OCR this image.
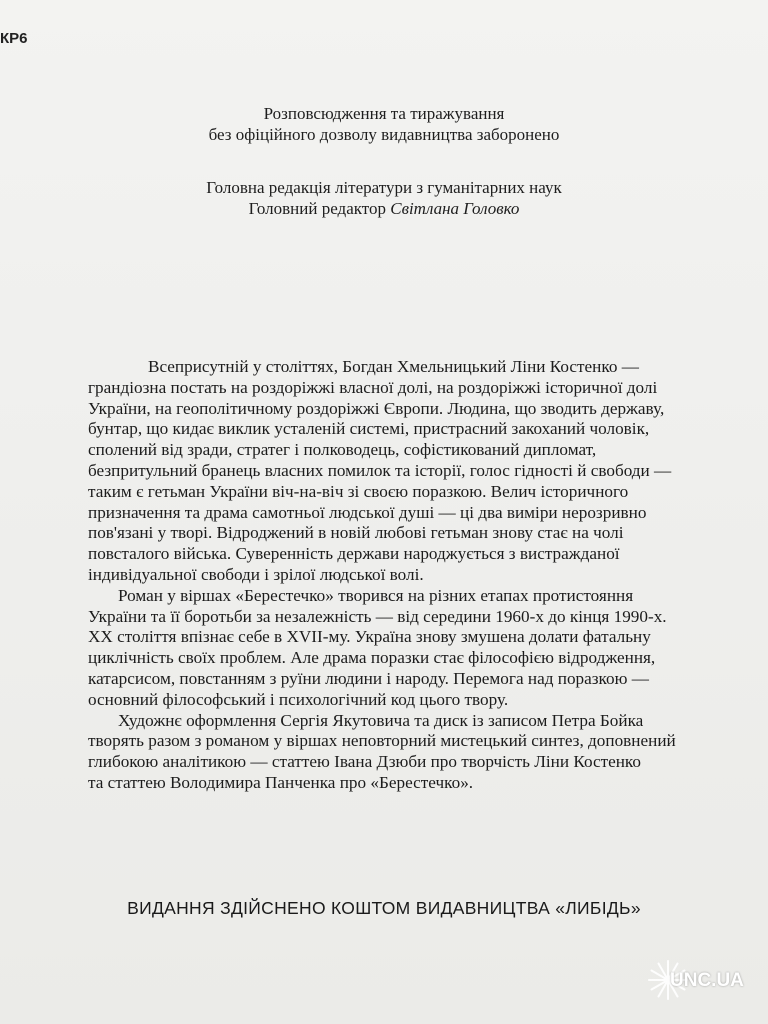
КР6
Розповсюдження та тиражування
без офіційного дозволу видавництва заборонено
Головна редакція літератури з гуманітарних наук
Головний редактор Світлана Головко

Всеприсутній у століттях, Богдан Хмельницький Ліни Костенко —
грандіозна постать на роздоріжжі власної долі, на роздоріжжі історичної долі
України, на геополітичному роздоріжжі Європи. Людина, що зводить державу,
бунтар, що кидає виклик усталеній системі, пристрасний закоханий чоловік,
сполений від зради, стратег і полководець, софістикований дипломат,
безпритульний бранець власних помилок та історії, голос гідності й свободи —
таким є гетьман України віч-на-віч зі своєю поразкою. Велич історичного
призначення та драма самотньої людської душі — ці два виміри нерозривно
пов'язані у творі. Відроджений в новій любові гетьман знову стає на чолі
повсталого війська. Суверенність держави народжується з вистражданої
індивідуальної свободи і зрілої людської волі.

Роман у віршах «Берестечко» творився на різних етапах протистояння
України та її боротьби за незалежність — від середини 1960-х до кінця 1990-х.
XX століття впізнає себе в XVII-му. Україна знову змушена долати фатальну
циклічність своїх проблем. Але драма поразки стає філософією відродження,
катарсисом, повстанням з руїни людини і народу. Перемога над поразкою —
основний філософський і психологічний код цього твору.

Художнє оформлення Сергія Якутовича та диск із записом Петра Бойка
творять разом з романом у віршах неповторний мистецький синтез, доповнений
глибокою аналітикою — статтею Івана Дзюби про творчість Ліни Костенко
та статтею Володимира Панченка про «Берестечко».

ВИДАННЯ ЗДІЙСНЕНО КОШТОМ ВИДАВНИЦТВА «ЛИБІДЬ»
UNC.UA
